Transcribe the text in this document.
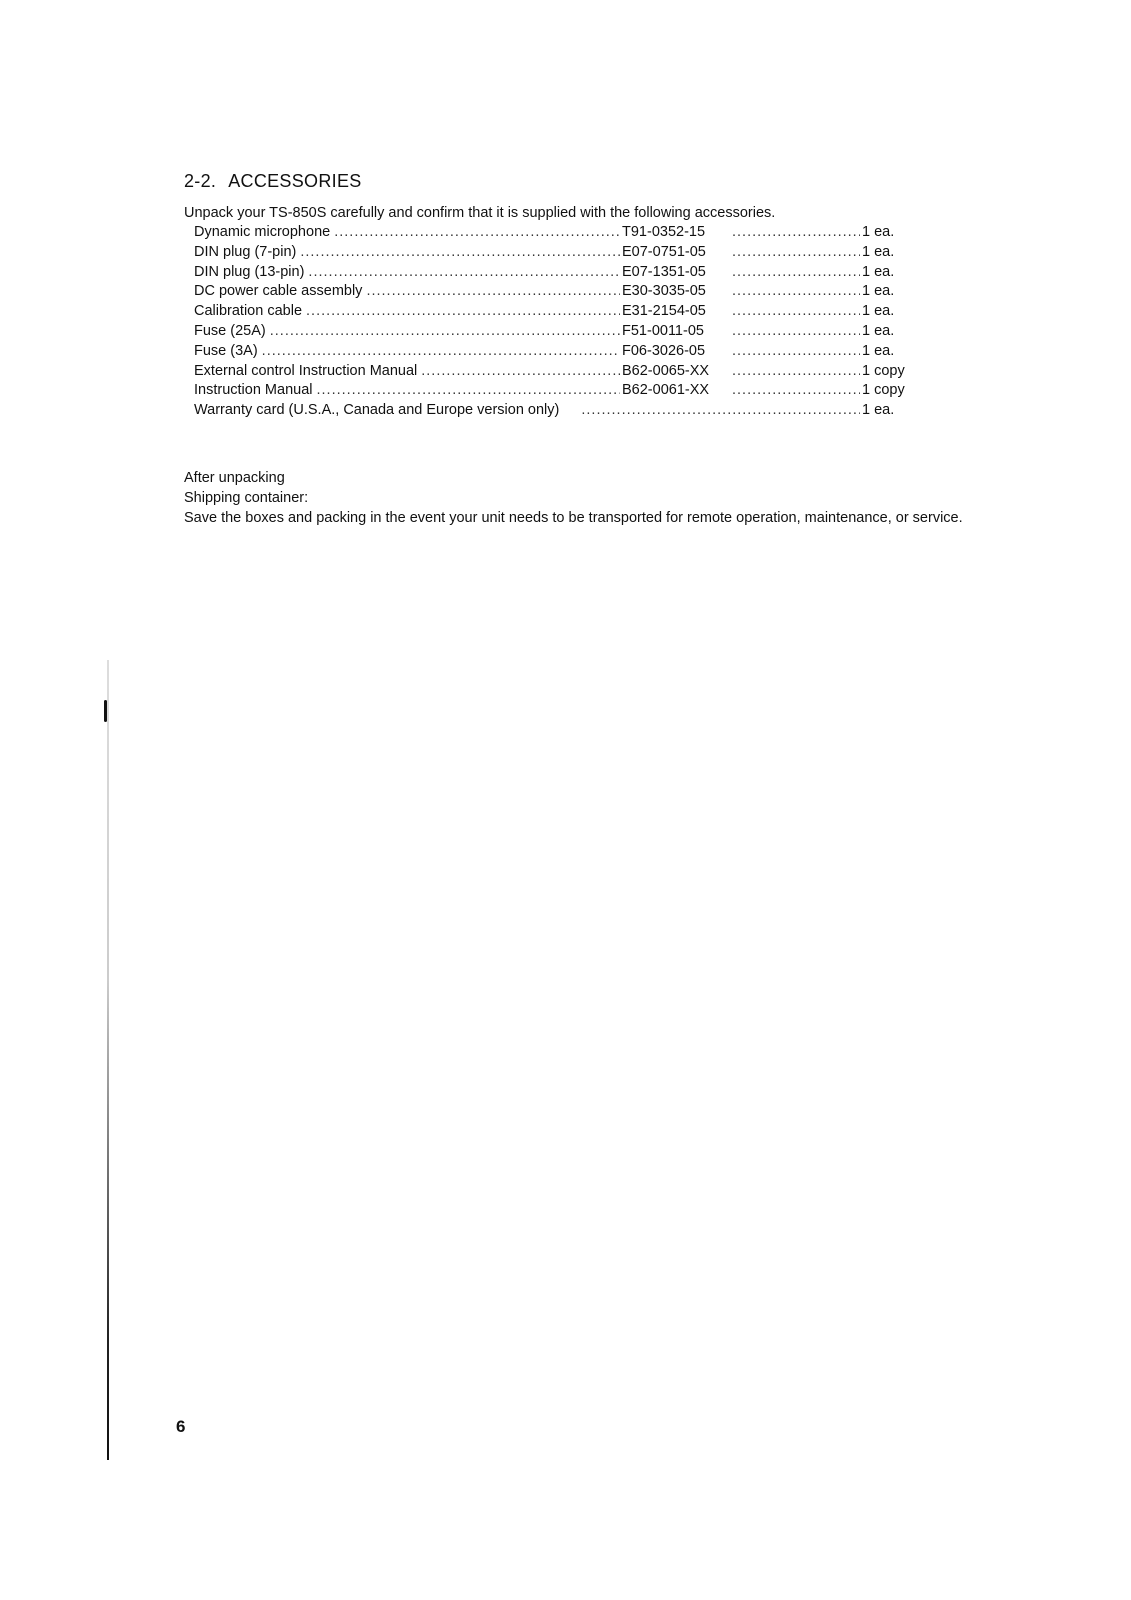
2-2. ACCESSORIES
Unpack your TS-850S carefully and confirm that it is supplied with the following accessories.
Dynamic microphone .....	T91-0352-15 .....	1 ea.
DIN plug (7-pin) .....	E07-0751-05 .....	1 ea.
DIN plug (13-pin) .....	E07-1351-05 .....	1 ea.
DC power cable assembly .....	E30-3035-05 .....	1 ea.
Calibration cable .....	E31-2154-05 .....	1 ea.
Fuse (25A) .....	F51-0011-05 .....	1 ea.
Fuse (3A) .....	F06-3026-05 .....	1 ea.
External control Instruction Manual .....	B62-0065-XX .....	1 copy
Instruction Manual .....	B62-0061-XX .....	1 copy
Warranty card (U.S.A., Canada and Europe version only) .....	1 ea.

After unpacking

Shipping container:

Save the boxes and packing in the event your unit needs to be transported for remote operation, maintenance, or service.

6
